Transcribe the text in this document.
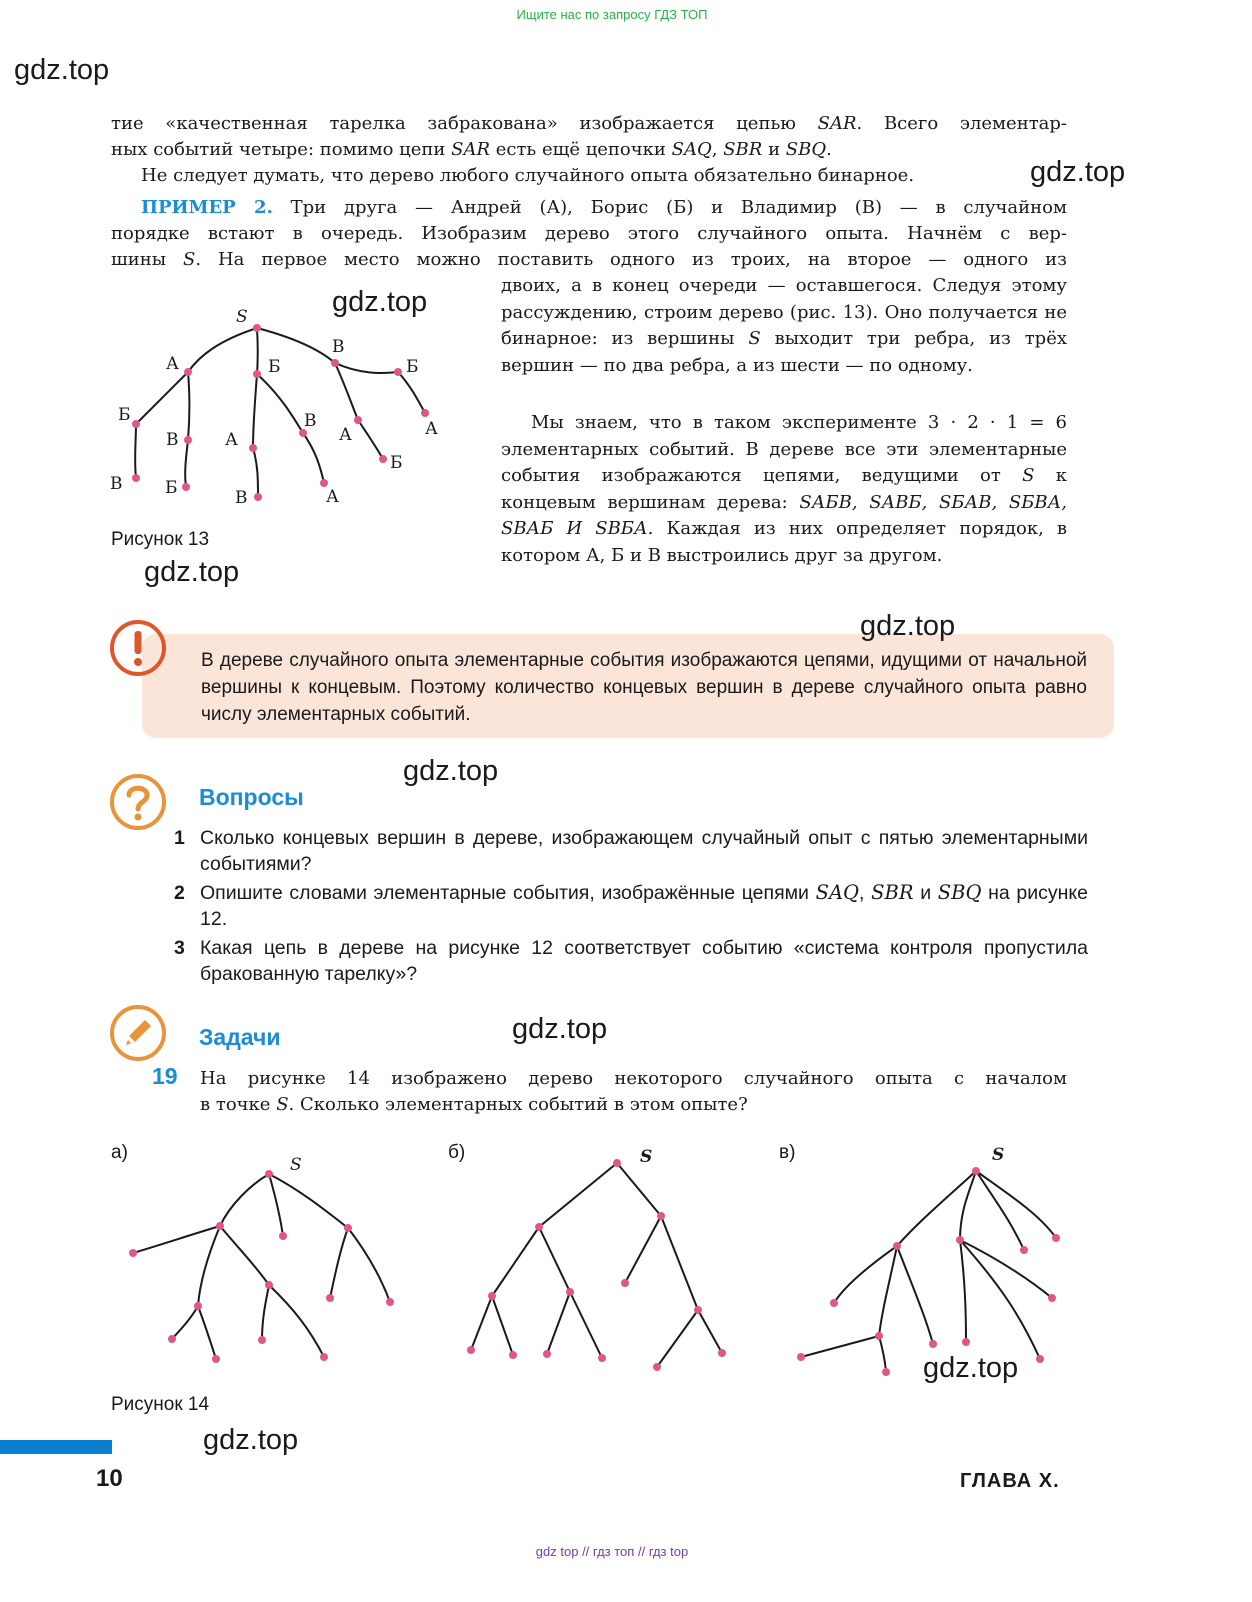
Ищите нас по запросу ГДЗ ТОП
gdz.top
тие «качественная тарелка забракована» изображается цепью SAR. Всего элементар-
ных событий четыре: помимо цепи SAR есть ещё цепочки SAQ, SBR и SBQ.
Не следует думать, что дерево любого случайного опыта обязательно бинарное.	gdz.top
ПРИМЕР 2. Три друга — Андрей (А), Борис (Б) и Владимир (В) — в случайном
порядке встают в очередь. Изобразим дерево этого случайного опыта. Начнём с вер-
шины S. На первое место можно поставить одного из троих, на второе — одного из
двоих, а в конец очереди — оставшегося. Следуя этому рассуждению, строим дерево (рис. 13). Оно получается не бинарное: из вершины S выходит три ребра, из трёх вершин — по два ребра, а из шести — по одному.
Мы знаем, что в таком эксперименте 3 · 2 · 1 = 6 элементарных событий. В дереве все эти элементарные события изображаются цепями, ведущими от S к концевым вершинам дерева: SАБВ, SАВБ, SБАВ, SБВА, SВАБ И SВБА. Каждая из них определяет порядок, в котором А, Б и В выстроились друг за другом.
gdz.top
S
А	Б
В
Б
В
В	Б
А
В
В	А
А
Б
Б
А
Рисунок 13
gdz.top
gdz.top
В дереве случайного опыта элементарные события изображаются цепями, идущими от начальной вершины к концевым. Поэтому количество концевых вершин в дереве случайного опыта равно числу элементарных событий.
Вопросы
gdz.top
1 Сколько концевых вершин в дереве, изображающем случайный опыт с пятью элементарными событиями?
2 Опишите словами элементарные события, изображённые цепями SAQ, SBR и SBQ на рисунке 12.
3 Какая цепь в дереве на рисунке 12 соответствует событию «система контроля пропустила бракованную тарелку»?
Задачи	gdz.top
19 На рисунке 14 изображено дерево некоторого случайного опыта с началом
а)	б)	в)
S	S	S
gdz.top
Рисунок 14
gdz.top
10	ГЛАВА X.
gdz top // гдз топ // гдз top
в точке S. Сколько элементарных событий в этом опыте?
